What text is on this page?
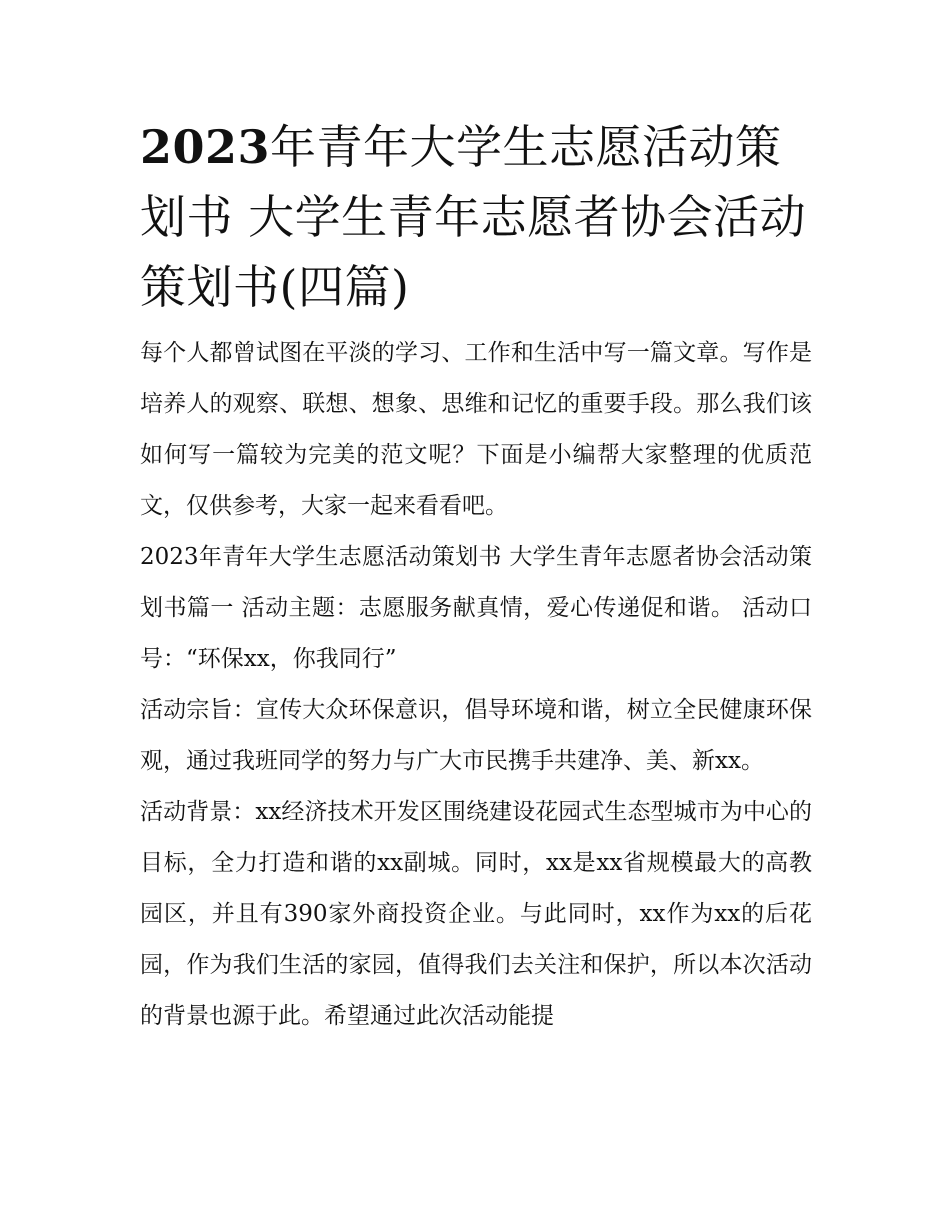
2023年青年大学生志愿活动策划书 大学生青年志愿者协会活动策划书(四篇)

每个人都曾试图在平淡的学习、工作和生活中写一篇文章。写作是培养人的观察、联想、想象、思维和记忆的重要手段。那么我们该如何写一篇较为完美的范文呢？下面是小编帮大家整理的优质范文，仅供参考，大家一起来看看吧。

2023年青年大学生志愿活动策划书 大学生青年志愿者协会活动策划书篇一 活动主题：志愿服务献真情，爱心传递促和谐。 活动口号：“环保xx，你我同行”

活动宗旨：宣传大众环保意识，倡导环境和谐，树立全民健康环保观，通过我班同学的努力与广大市民携手共建净、美、新xx。

活动背景：xx经济技术开发区围绕建设花园式生态型城市为中心的目标，全力打造和谐的xx副城。同时，xx是xx省规模最大的高教园区，并且有390家外商投资企业。与此同时，xx作为xx的后花园，作为我们生活的家园，值得我们去关注和保护，所以本次活动的背景也源于此。希望通过此次活动能提
